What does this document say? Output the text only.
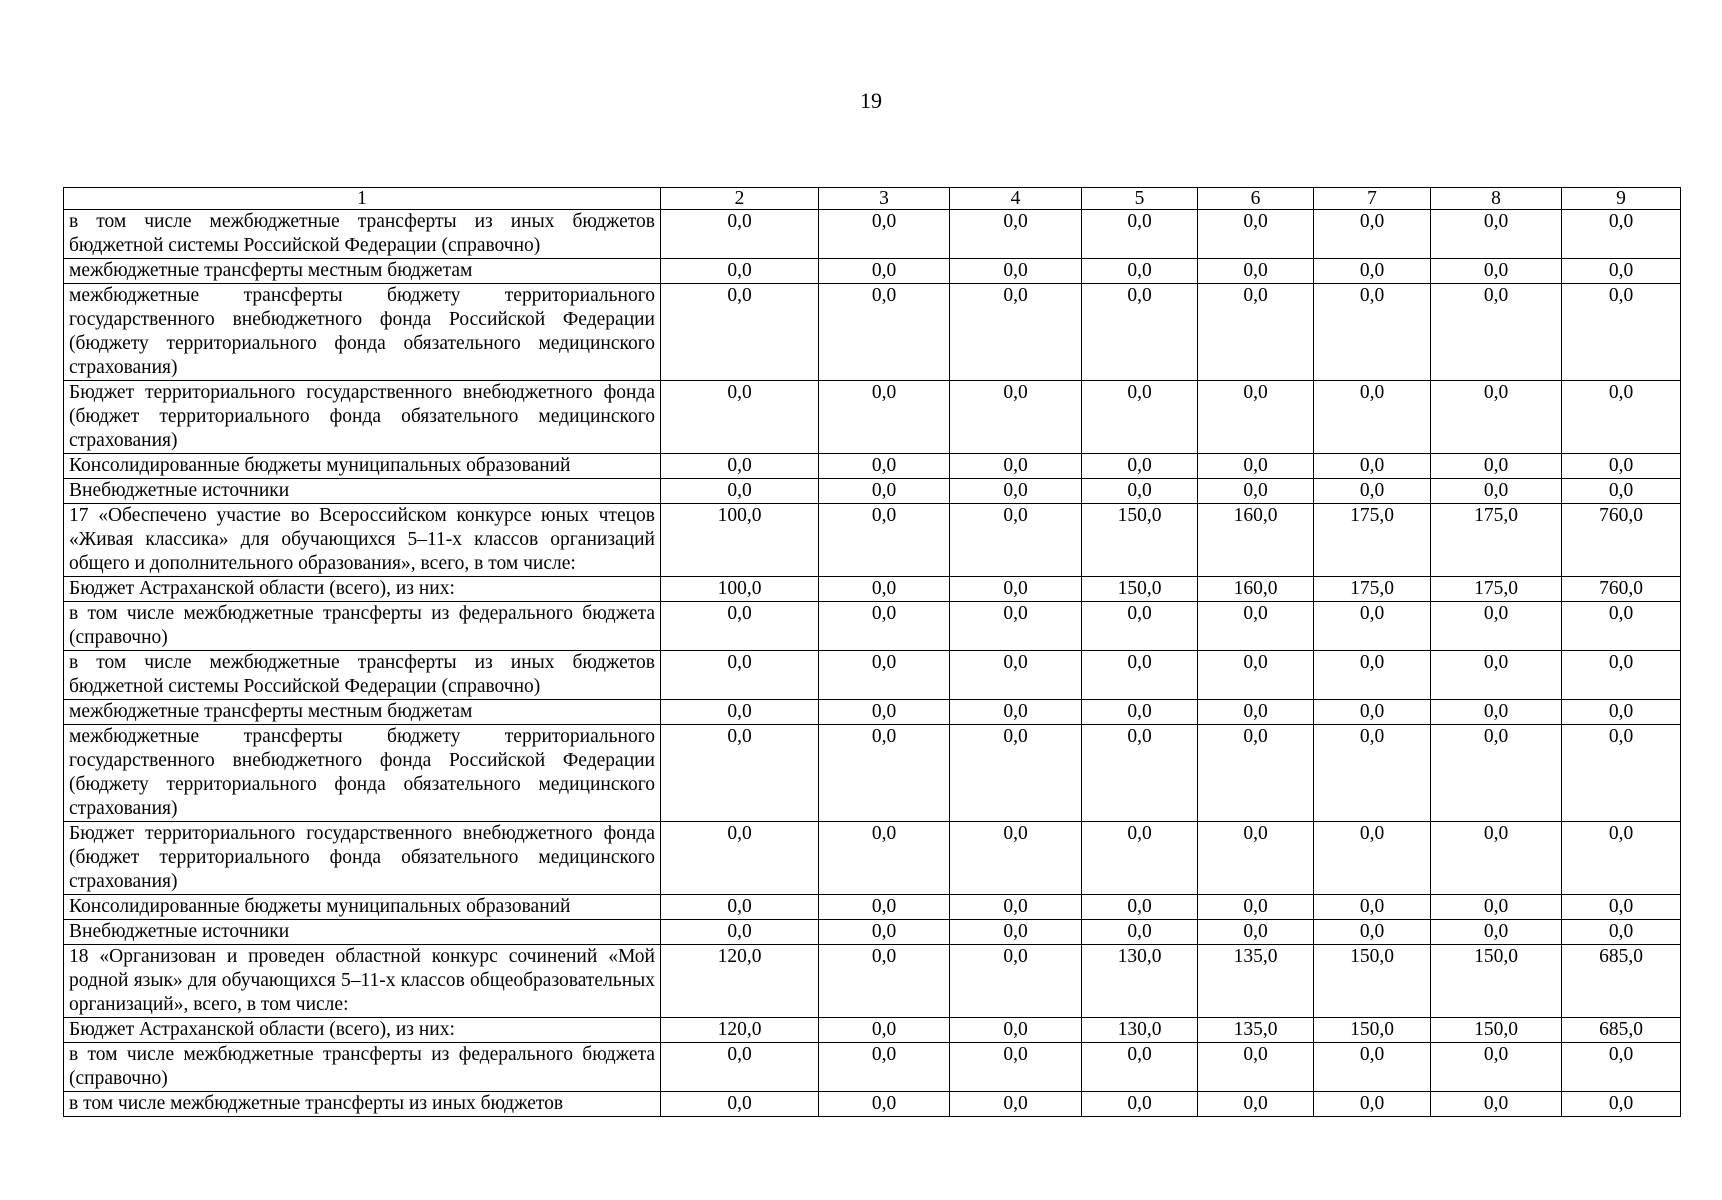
19
1	2	3	4	5	6	7	8	9
в том числе межбюджетные трансферты из иных бюджетов бюджетной системы Российской Федерации (справочно)	0,0	0,0	0,0	0,0	0,0	0,0	0,0	0,0
межбюджетные трансферты местным бюджетам	0,0	0,0	0,0	0,0	0,0	0,0	0,0	0,0
межбюджетные трансферты бюджету территориального государственного внебюджетного фонда Российской Федерации (бюджету территориального фонда обязательного медицинского страхования)	0,0	0,0	0,0	0,0	0,0	0,0	0,0	0,0
Бюджет территориального государственного внебюджетного фонда (бюджет территориального фонда обязательного медицинского страхования)	0,0	0,0	0,0	0,0	0,0	0,0	0,0	0,0
Консолидированные бюджеты муниципальных образований	0,0	0,0	0,0	0,0	0,0	0,0	0,0	0,0
Внебюджетные источники	0,0	0,0	0,0	0,0	0,0	0,0	0,0	0,0
17 «Обеспечено участие во Всероссийском конкурсе юных чтецов «Живая классика» для обучающихся 5–11-х классов организаций общего и дополнительного образования», всего, в том числе:	100,0	0,0	0,0	150,0	160,0	175,0	175,0	760,0
Бюджет Астраханской области (всего), из них:	100,0	0,0	0,0	150,0	160,0	175,0	175,0	760,0
в том числе межбюджетные трансферты из федерального бюджета (справочно)	0,0	0,0	0,0	0,0	0,0	0,0	0,0	0,0
в том числе межбюджетные трансферты из иных бюджетов бюджетной системы Российской Федерации (справочно)	0,0	0,0	0,0	0,0	0,0	0,0	0,0	0,0
межбюджетные трансферты местным бюджетам	0,0	0,0	0,0	0,0	0,0	0,0	0,0	0,0
межбюджетные трансферты бюджету территориального государственного внебюджетного фонда Российской Федерации (бюджету территориального фонда обязательного медицинского страхования)	0,0	0,0	0,0	0,0	0,0	0,0	0,0	0,0
Бюджет территориального государственного внебюджетного фонда (бюджет территориального фонда обязательного медицинского страхования)	0,0	0,0	0,0	0,0	0,0	0,0	0,0	0,0
Консолидированные бюджеты муниципальных образований	0,0	0,0	0,0	0,0	0,0	0,0	0,0	0,0
Внебюджетные источники	0,0	0,0	0,0	0,0	0,0	0,0	0,0	0,0
18 «Организован и проведен областной конкурс сочинений «Мой родной язык» для обучающихся 5–11-х классов общеобразовательных организаций», всего, в том числе:	120,0	0,0	0,0	130,0	135,0	150,0	150,0	685,0
Бюджет Астраханской области (всего), из них:	120,0	0,0	0,0	130,0	135,0	150,0	150,0	685,0
в том числе межбюджетные трансферты из федерального бюджета (справочно)	0,0	0,0	0,0	0,0	0,0	0,0	0,0	0,0
в том числе межбюджетные трансферты из иных бюджетов	0,0	0,0	0,0	0,0	0,0	0,0	0,0	0,0
